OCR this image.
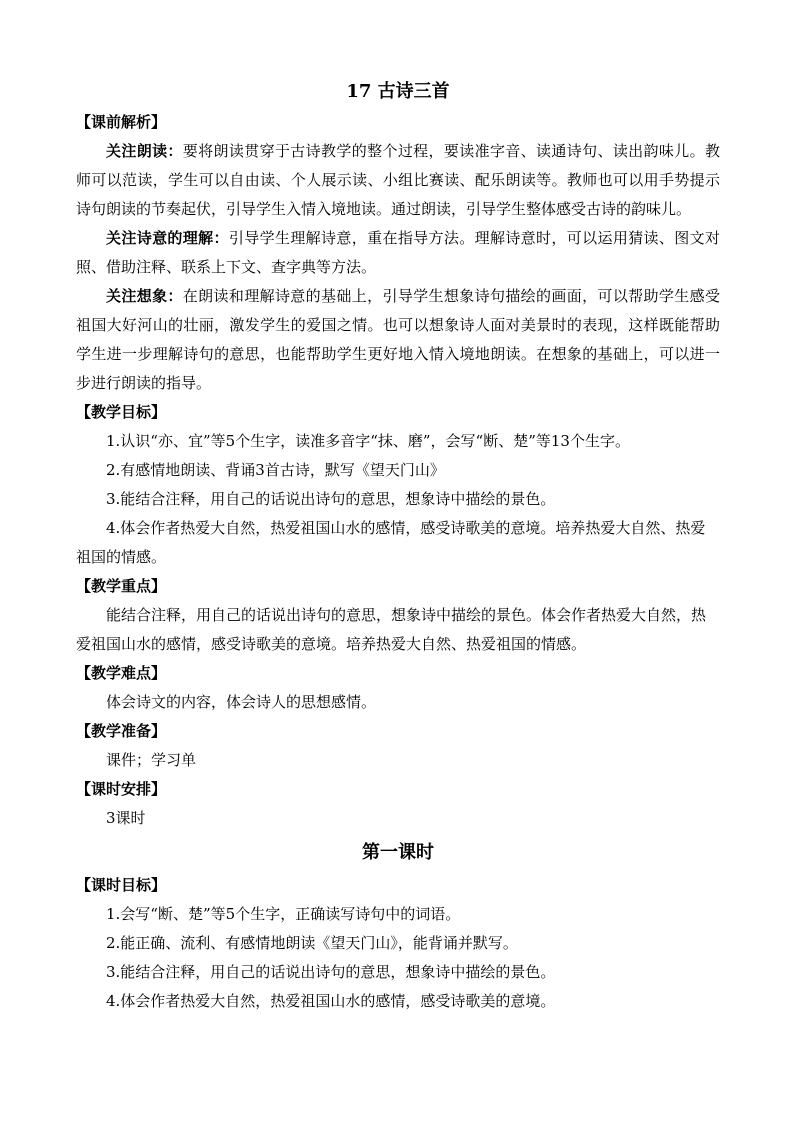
17 古诗三首

【课前解析】

关注朗读：要将朗读贯穿于古诗教学的整个过程，要读准字音、读通诗句、读出韵味儿。教师可以范读，学生可以自由读、个人展示读、小组比赛读、配乐朗读等。教师也可以用手势提示诗句朗读的节奏起伏，引导学生入情入境地读。通过朗读，引导学生整体感受古诗的韵味儿。

关注诗意的理解：引导学生理解诗意，重在指导方法。理解诗意时，可以运用猜读、图文对照、借助注释、联系上下文、查字典等方法。

关注想象：在朗读和理解诗意的基础上，引导学生想象诗句描绘的画面，可以帮助学生感受祖国大好河山的壮丽，激发学生的爱国之情。也可以想象诗人面对美景时的表现，这样既能帮助学生进一步理解诗句的意思，也能帮助学生更好地入情入境地朗读。在想象的基础上，可以进一步进行朗读的指导。

【教学目标】

1.认识“亦、宜”等5个生字，读准多音字“抹、磨”，会写“断、楚”等13个生字。

2.有感情地朗读、背诵3首古诗，默写《望天门山》

3.能结合注释，用自己的话说出诗句的意思，想象诗中描绘的景色。

4.体会作者热爱大自然，热爱祖国山水的感情，感受诗歌美的意境。培养热爱大自然、热爱祖国的情感。

【教学重点】

能结合注释，用自己的话说出诗句的意思，想象诗中描绘的景色。体会作者热爱大自然，热爱祖国山水的感情，感受诗歌美的意境。培养热爱大自然、热爱祖国的情感。

【教学难点】

体会诗文的内容，体会诗人的思想感情。

【教学准备】

课件；学习单

【课时安排】

3课时

第一课时

【课时目标】

1.会写“断、楚”等5个生字，正确读写诗句中的词语。

2.能正确、流利、有感情地朗读《望天门山》，能背诵并默写。

3.能结合注释，用自己的话说出诗句的意思，想象诗中描绘的景色。

4.体会作者热爱大自然，热爱祖国山水的感情，感受诗歌美的意境。
